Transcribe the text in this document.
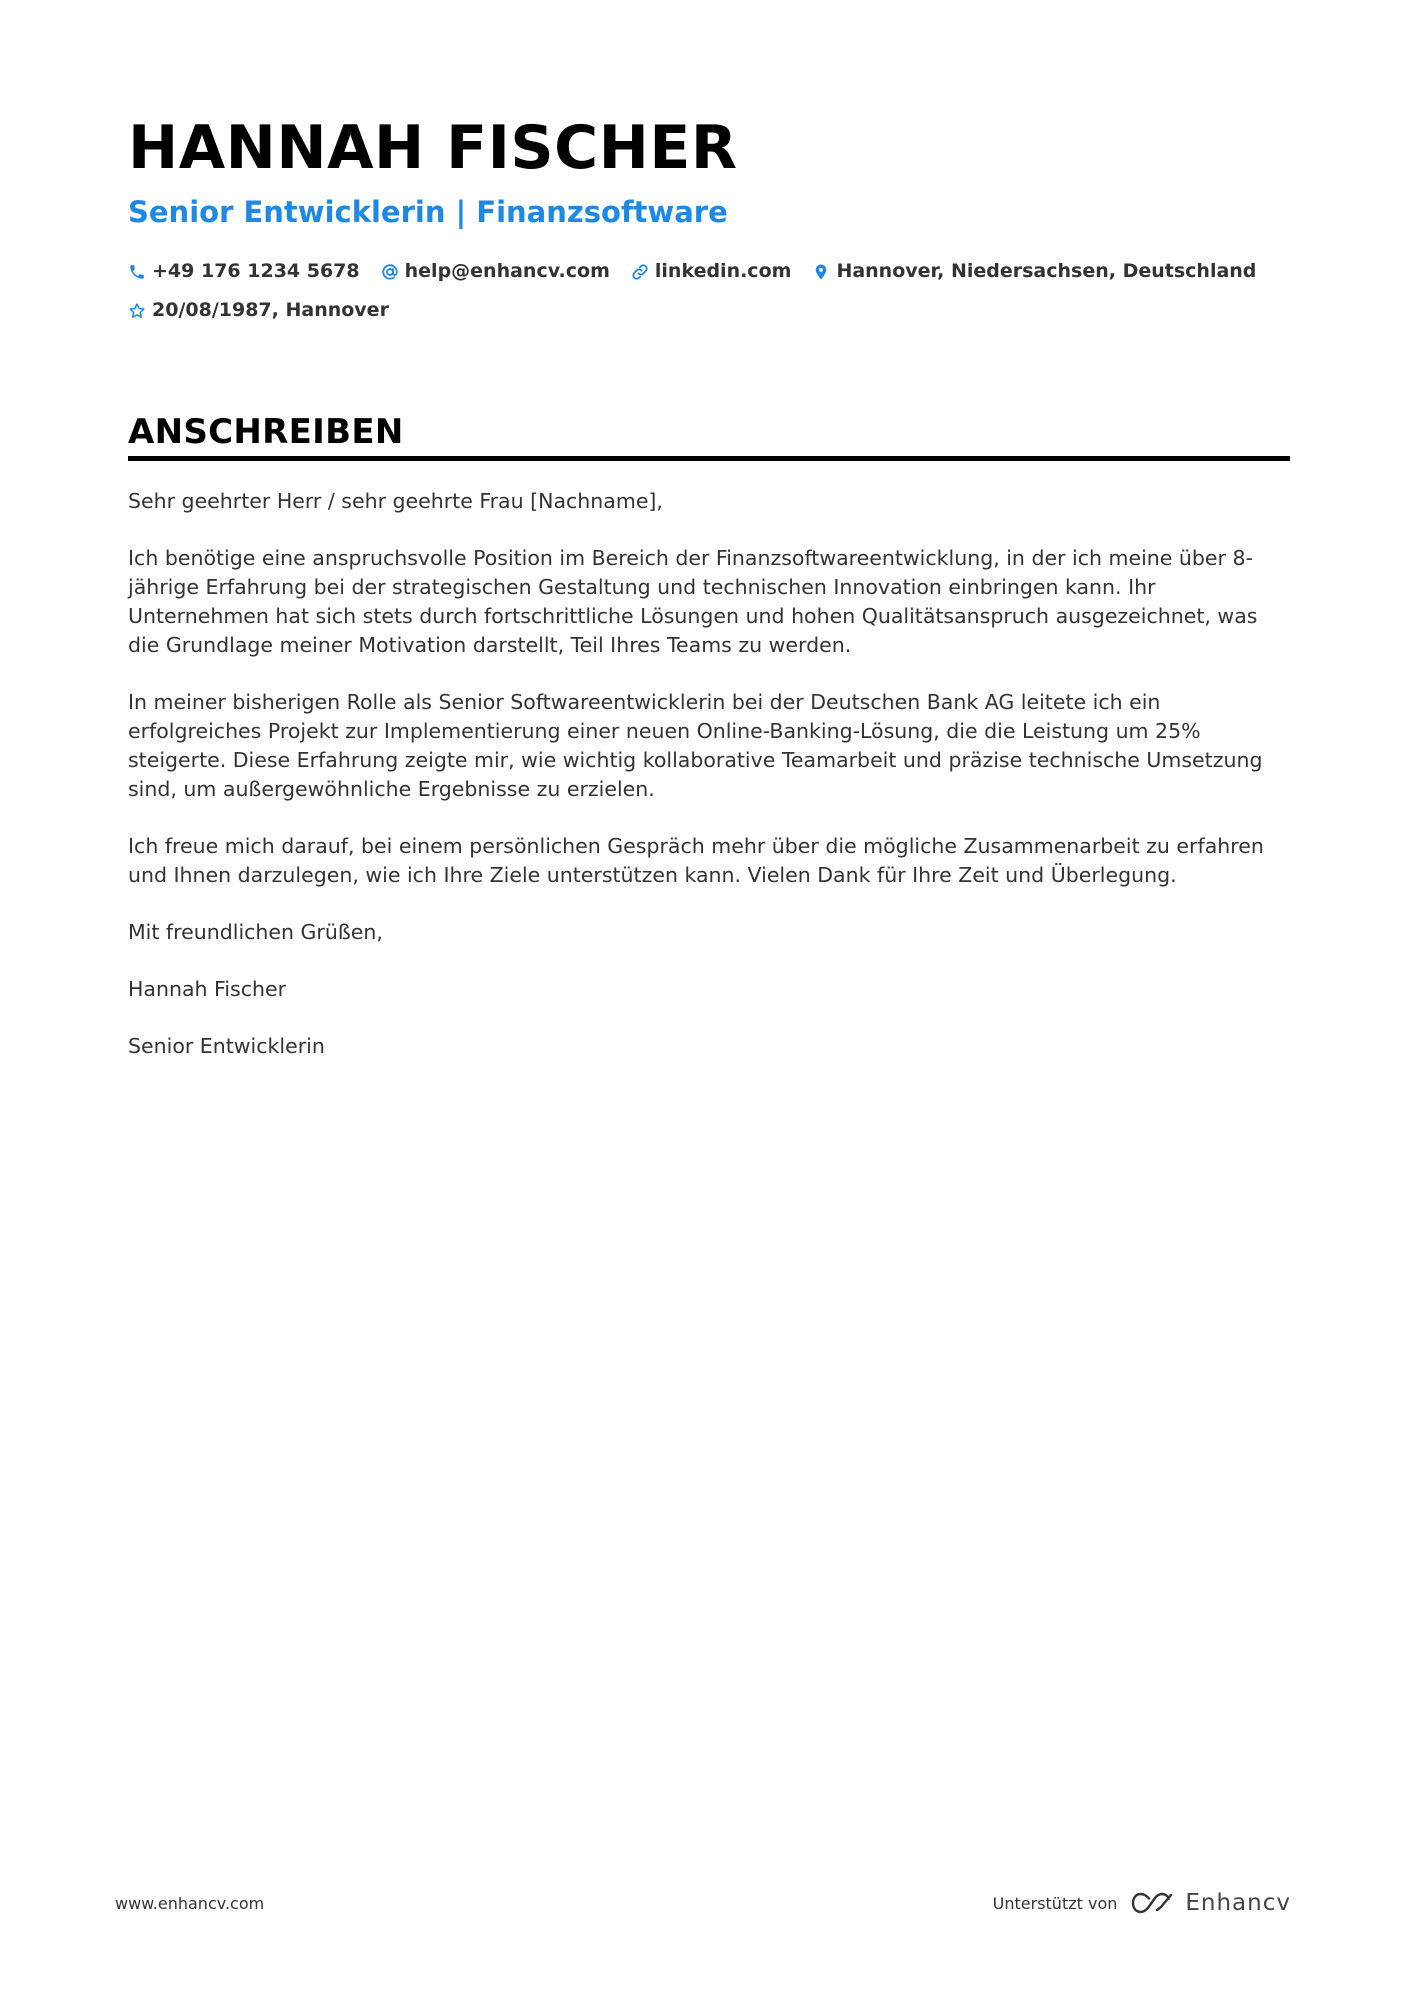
HANNAH FISCHER
Senior Entwicklerin | Finanzsoftware
+49 176 1234 5678 help@enhancv.com linkedin.com Hannover, Niedersachsen, Deutschland
20/08/1987, Hannover
ANSCHREIBEN

Sehr geehrter Herr / sehr geehrte Frau [Nachname],

Ich benötige eine anspruchsvolle Position im Bereich der Finanzsoftwareentwicklung, in der ich meine über 8-jährige Erfahrung bei der strategischen Gestaltung und technischen Innovation einbringen kann. Ihr Unternehmen hat sich stets durch fortschrittliche Lösungen und hohen Qualitätsanspruch ausgezeichnet, was die Grundlage meiner Motivation darstellt, Teil Ihres Teams zu werden.

In meiner bisherigen Rolle als Senior Softwareentwicklerin bei der Deutschen Bank AG leitete ich ein erfolgreiches Projekt zur Implementierung einer neuen Online-Banking-Lösung, die die Leistung um 25% steigerte. Diese Erfahrung zeigte mir, wie wichtig kollaborative Teamarbeit und präzise technische Umsetzung sind, um außergewöhnliche Ergebnisse zu erzielen.

Ich freue mich darauf, bei einem persönlichen Gespräch mehr über die mögliche Zusammenarbeit zu erfahren und Ihnen darzulegen, wie ich Ihre Ziele unterstützen kann. Vielen Dank für Ihre Zeit und Überlegung.

Mit freundlichen Grüßen,

Hannah Fischer

Senior Entwicklerin

www.enhancv.com	Unterstützt von	Enhancv
